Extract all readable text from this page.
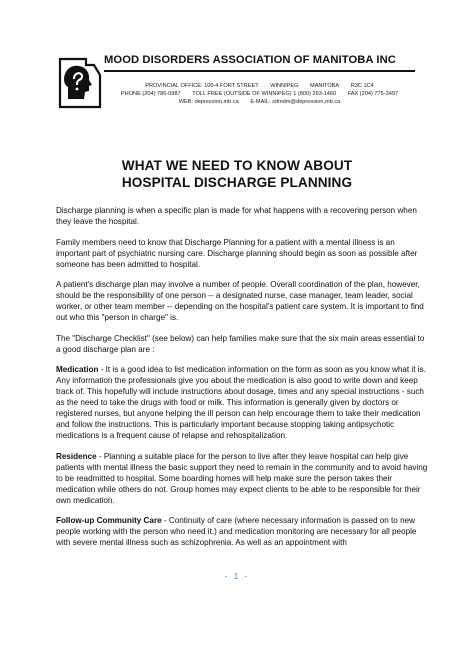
MOOD DISORDERS ASSOCIATION OF MANITOBA INC
PROVINCIAL OFFICE: 100-4 FORT STREET WINNIPEG MANITOBA R3C 1C4
PHONE (204) 786-0987 TOLL FREE (OUTSIDE OF WINNIPEG) 1 (800) 263-1460 FAX (204) 775-3497
WEB: depression.mb.ca E-MAIL: sdmdm@depression.mb.ca
WHAT WE NEED TO KNOW ABOUT
HOSPITAL DISCHARGE PLANNING

Discharge planning is when a specific plan is made for what happens with a recovering person when they leave the hospital.

Family members need to know that Discharge Planning for a patient with a mental illness is an important part of psychiatric nursing care. Discharge planning should begin as soon as possible after someone has been admitted to hospital.

A patient's discharge plan may involve a number of people. Overall coordination of the plan, however, should be the responsibility of one person -- a designated nurse, case manager, team leader, social worker, or other team member -- depending on the hospital's patient care system. It is important to find out who this "person in charge" is.

The "Discharge Checklist" (see below) can help families make sure that the six main areas essential to a good discharge plan are :

Medication - It is a good idea to list medication information on the form as soon as you know what it is. Any information the professionals give you about the medication is also good to write down and keep track of. This hopefully will include instructions about dosage, times and any special instructions - such as the need to take the drugs with food or milk. This information is generally given by doctors or registered nurses, but anyone helping the ill person can help encourage them to take their medication and follow the instructions. This is particularly important because stopping taking antipsychotic medications is a frequent cause of relapse and rehospitalization.

Residence - Planning a suitable place for the person to live after they leave hospital can help give patients with mental illness the basic support they need to remain in the community and to avoid having to be readmitted to hospital. Some boarding homes will help make sure the person takes their medication while others do not. Group homes may expect clients to be able to be responsible for their own medication.

Follow-up Community Care - Continuity of care (where necessary information is passed on to new people working with the person who need it.) and medication monitoring are necessary for all people with severe mental illness such as schizophrenia. As well as an appointment with

- 1 -
